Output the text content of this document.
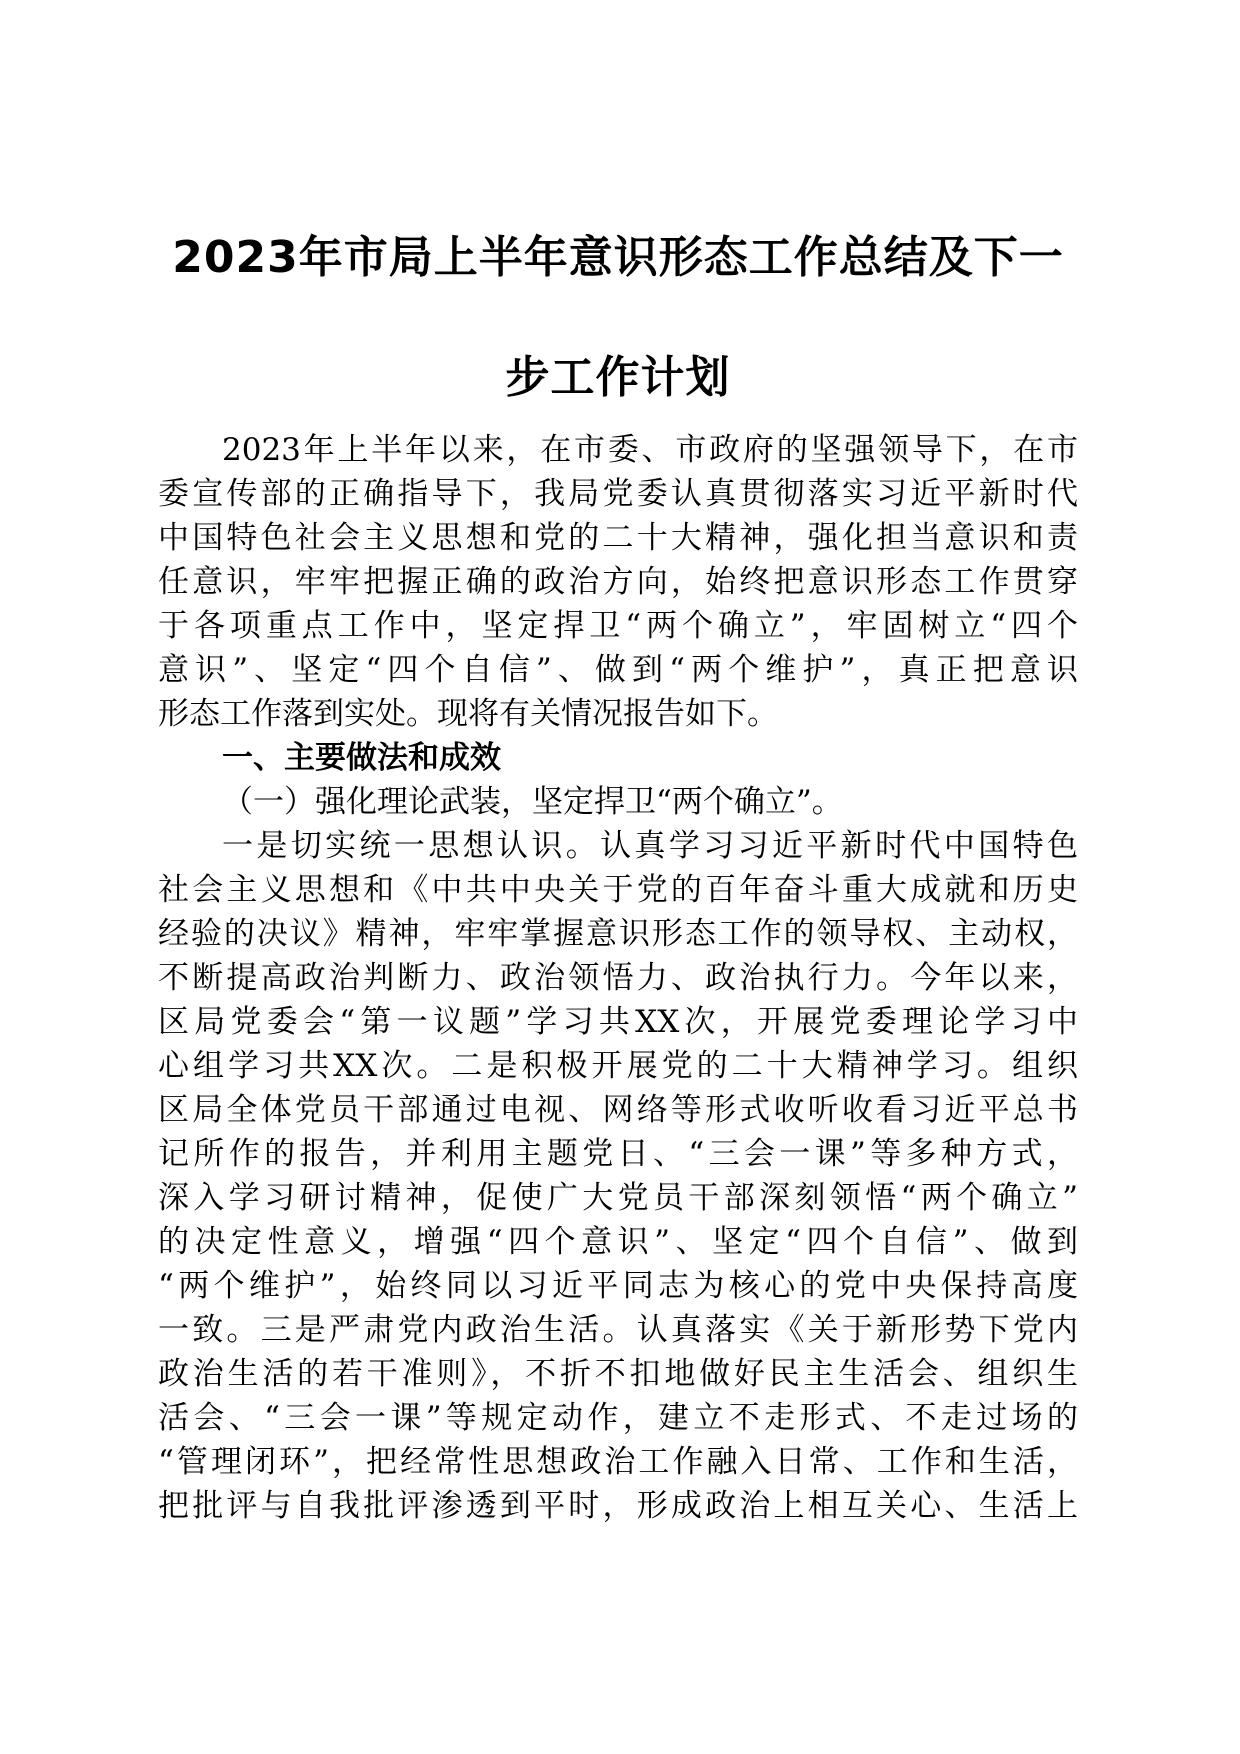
2023年市局上半年意识形态工作总结及下一
步工作计划
2023年上半年以来，在市委、市政府的坚强领导下，在市
委宣传部的正确指导下，我局党委认真贯彻落实习近平新时代
中国特色社会主义思想和党的二十大精神，强化担当意识和责
任意识，牢牢把握正确的政治方向，始终把意识形态工作贯穿
于各项重点工作中，坚定捍卫“两个确立”，牢固树立“四个
意识”、坚定“四个自信”、做到“两个维护”，真正把意识
形态工作落到实处。现将有关情况报告如下。
一、主要做法和成效
（一）强化理论武装，坚定捍卫“两个确立”。
一是切实统一思想认识。认真学习习近平新时代中国特色
社会主义思想和《中共中央关于党的百年奋斗重大成就和历史
经验的决议》精神，牢牢掌握意识形态工作的领导权、主动权，
不断提高政治判断力、政治领悟力、政治执行力。今年以来，
区局党委会“第一议题”学习共XX次，开展党委理论学习中
心组学习共XX次。二是积极开展党的二十大精神学习。组织
区局全体党员干部通过电视、网络等形式收听收看习近平总书
记所作的报告，并利用主题党日、“三会一课”等多种方式，
深入学习研讨精神，促使广大党员干部深刻领悟“两个确立”
的决定性意义，增强“四个意识”、坚定“四个自信”、做到
“两个维护”，始终同以习近平同志为核心的党中央保持高度
一致。三是严肃党内政治生活。认真落实《关于新形势下党内
政治生活的若干准则》，不折不扣地做好民主生活会、组织生
活会、“三会一课”等规定动作，建立不走形式、不走过场的
“管理闭环”，把经常性思想政治工作融入日常、工作和生活，
把批评与自我批评渗透到平时，形成政治上相互关心、生活上
